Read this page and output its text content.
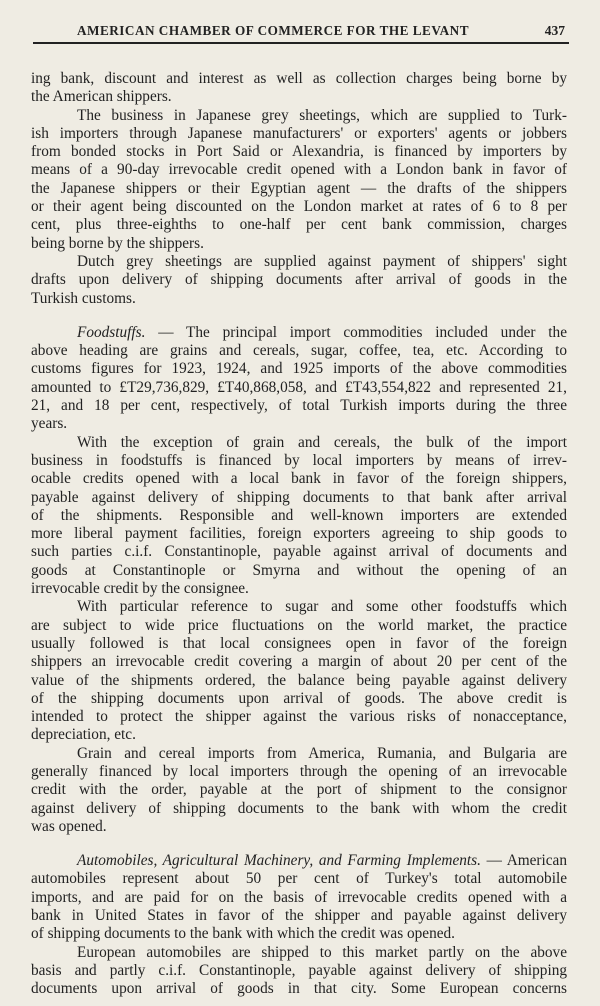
AMERICAN CHAMBER OF COMMERCE FOR THE LEVANT	437
ing bank, discount and interest as well as collection charges being borne by
the American shippers.
The business in Japanese grey sheetings, which are supplied to Turk-
ish importers through Japanese manufacturers' or exporters' agents or jobbers
from bonded stocks in Port Said or Alexandria, is financed by importers by
means of a 90-day irrevocable credit opened with a London bank in favor of
the Japanese shippers or their Egyptian agent — the drafts of the shippers
or their agent being discounted on the London market at rates of 6 to 8 per
cent, plus three-eighths to one-half per cent bank commission, charges
being borne by the shippers.
Dutch grey sheetings are supplied against payment of shippers' sight
drafts upon delivery of shipping documents after arrival of goods in the
Turkish customs.
Foodstuffs. — The principal import commodities included under the
above heading are grains and cereals, sugar, coffee, tea, etc. According to
customs figures for 1923, 1924, and 1925 imports of the above commodities
amounted to £T29,736,829, £T40,868,058, and £T43,554,822 and represented 21,
21, and 18 per cent, respectively, of total Turkish imports during the three
years.
With the exception of grain and cereals, the bulk of the import
business in foodstuffs is financed by local importers by means of irrev-
ocable credits opened with a local bank in favor of the foreign shippers,
payable against delivery of shipping documents to that bank after arrival
of the shipments. Responsible and well-known importers are extended
more liberal payment facilities, foreign exporters agreeing to ship goods to
such parties c.i.f. Constantinople, payable against arrival of documents and
goods at Constantinople or Smyrna and without the opening of an
irrevocable credit by the consignee.
With particular reference to sugar and some other foodstuffs which
are subject to wide price fluctuations on the world market, the practice
usually followed is that local consignees open in favor of the foreign
shippers an irrevocable credit covering a margin of about 20 per cent of the
value of the shipments ordered, the balance being payable against delivery
of the shipping documents upon arrival of goods. The above credit is
intended to protect the shipper against the various risks of nonacceptance,
depreciation, etc.
Grain and cereal imports from America, Rumania, and Bulgaria are
generally financed by local importers through the opening of an irrevocable
credit with the order, payable at the port of shipment to the consignor
against delivery of shipping documents to the bank with whom the credit
was opened.
Automobiles, Agricultural Machinery, and Farming Implements. — American
automobiles represent about 50 per cent of Turkey's total automobile
imports, and are paid for on the basis of irrevocable credits opened with a
bank in United States in favor of the shipper and payable against delivery
of shipping documents to the bank with which the credit was opened.
European automobiles are shipped to this market partly on the above
basis and partly c.i.f. Constantinople, payable against delivery of shipping
documents upon arrival of goods in that city. Some European concerns
